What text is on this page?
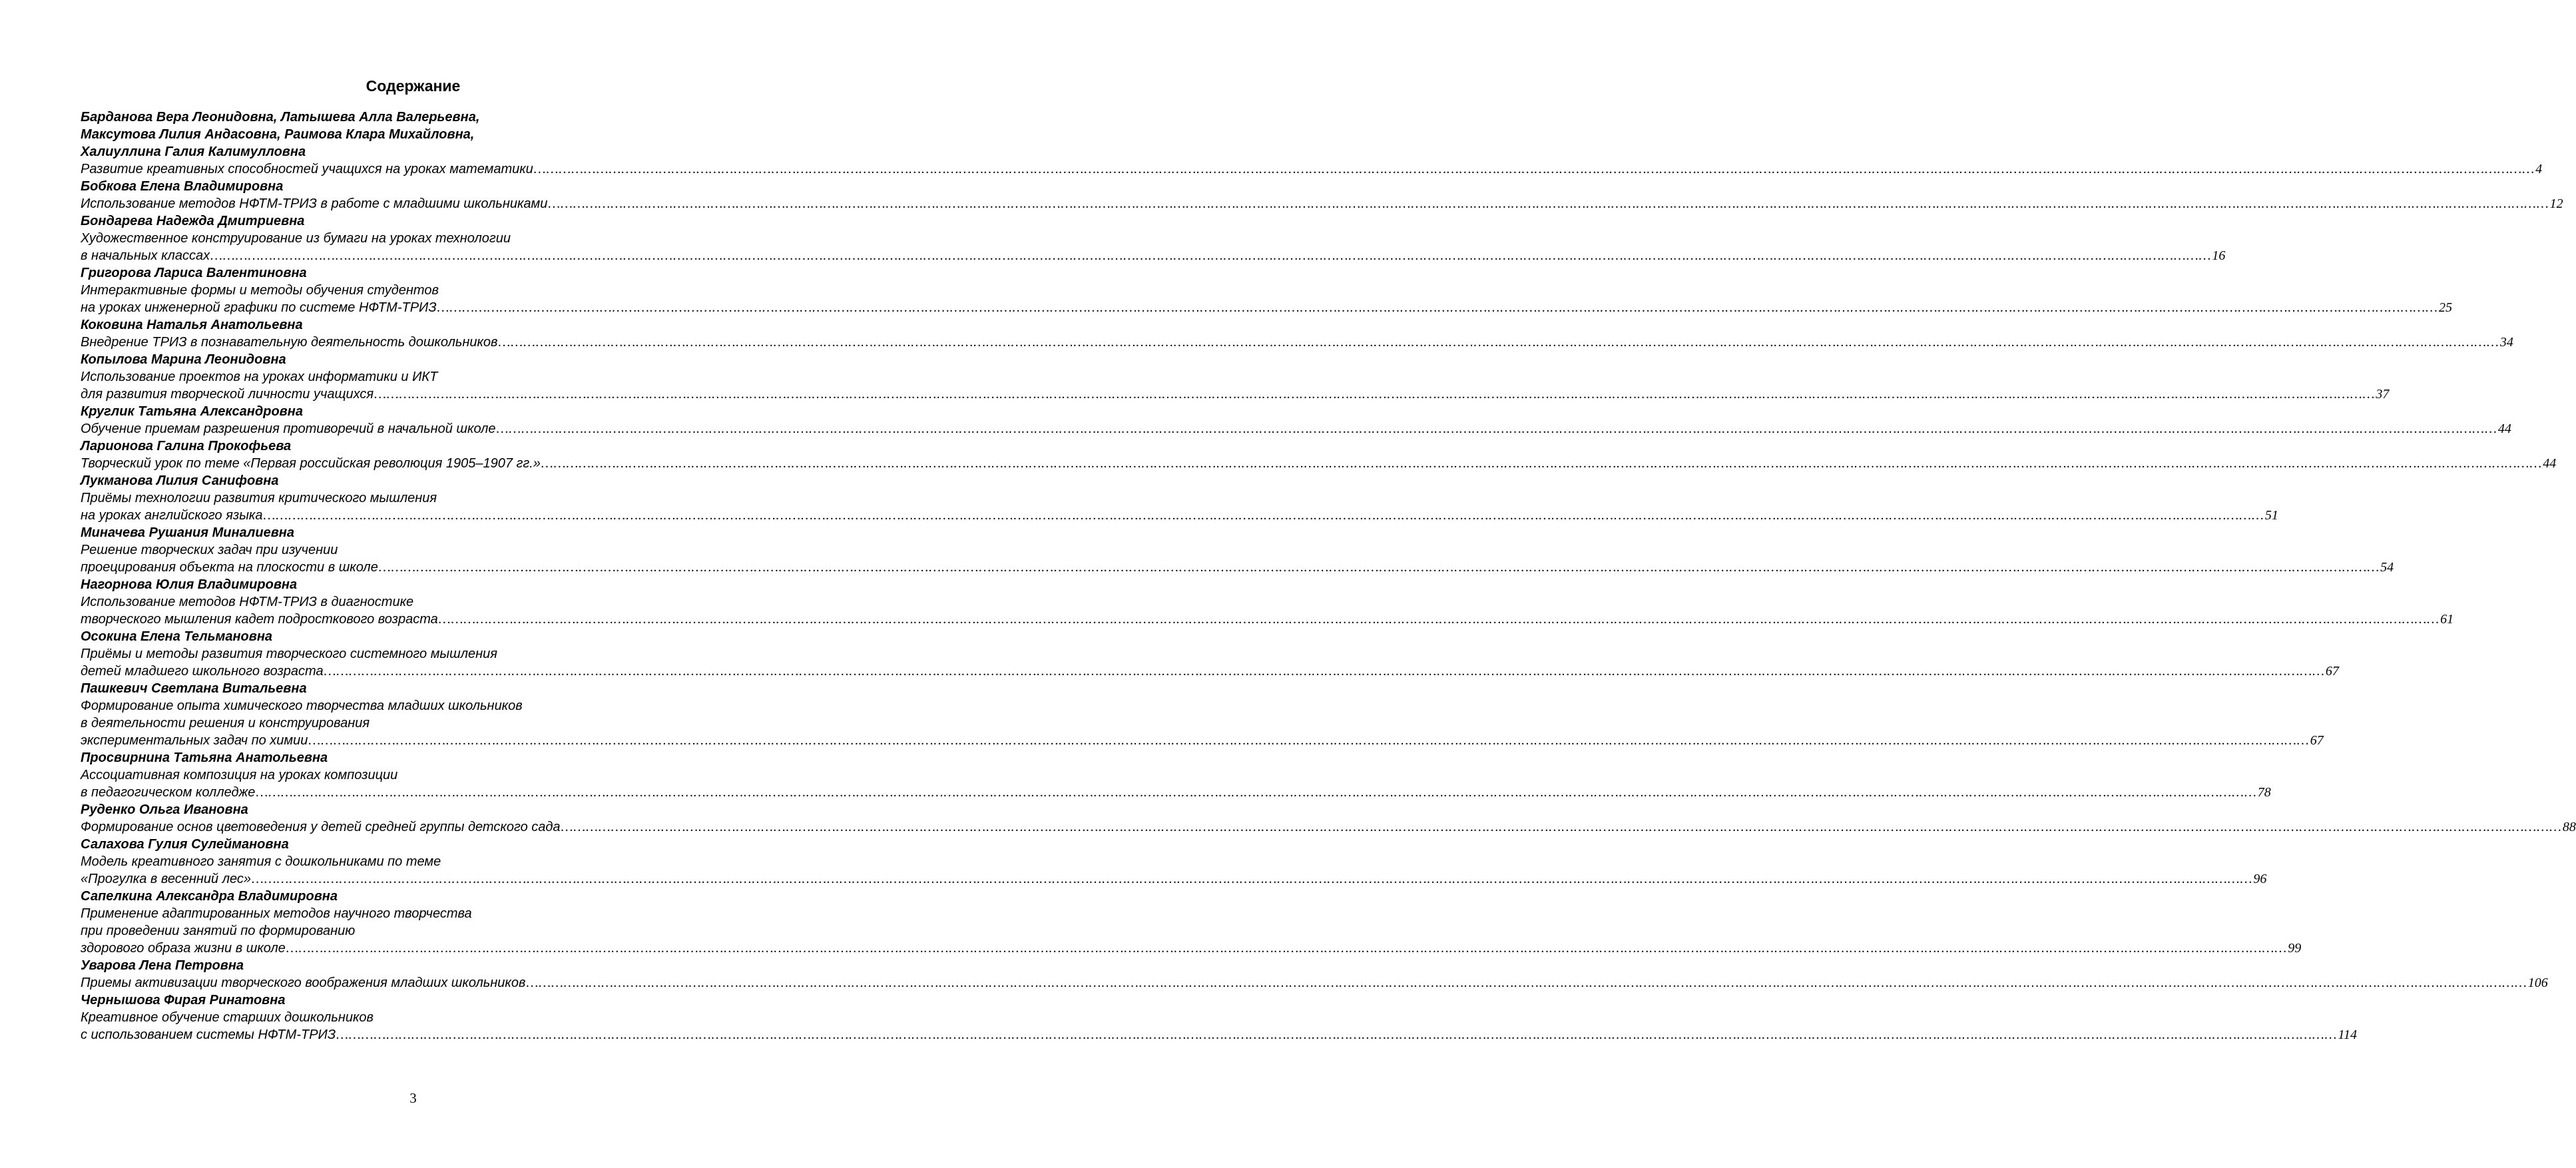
Содержание
Барданова Вера Леонидовна, Латышева Алла Валерьевна,
Максутова Лилия Андасовна, Раимова Клара Михайловна,
Халиуллина Галия Калимулловна
Развитие креативных способностей учащихся на уроках математики ………………………………………………………………………………………………………………………………………………………………………………………………………………………………………………………………………………………………………………………………………………………………………………………………………………………………………… 4
Бобкова Елена Владимировна
Использование методов НФТМ-ТРИЗ в работе с младшими школьниками ………………………………………………………………………………………………………………………………………………………………………………………………………………………………………………………………………………………………………………………………………………………………………………………………………………………………………… 12
Бондарева Надежда Дмитриевна
Художественное конструирование из бумаги на уроках технологии
в начальных классах ………………………………………………………………………………………………………………………………………………………………………………………………………………………………………………………………………………………………………………………………………………………………………………………………………………………………………… 16
Григорова Лариса Валентиновна
Интерактивные формы и методы обучения студентов
на уроках инженерной графики по системе НФТМ-ТРИЗ ………………………………………………………………………………………………………………………………………………………………………………………………………………………………………………………………………………………………………………………………………………………………………………………………………………………………………… 25
Коковина Наталья Анатольевна
Внедрение ТРИЗ в познавательную деятельность дошкольников ………………………………………………………………………………………………………………………………………………………………………………………………………………………………………………………………………………………………………………………………………………………………………………………………………………………………………… 34
Копылова Марина Леонидовна
Использование проектов на уроках информатики и ИКТ
для развития творческой личности учащихся ………………………………………………………………………………………………………………………………………………………………………………………………………………………………………………………………………………………………………………………………………………………………………………………………………………………………………… 37
Круглик Татьяна Александровна
Обучение приемам разрешения противоречий в начальной школе ………………………………………………………………………………………………………………………………………………………………………………………………………………………………………………………………………………………………………………………………………………………………………………………………………………………………………… 44
Ларионова Галина Прокофьева
Творческий урок по теме «Первая российская революция 1905–1907 гг.» ………………………………………………………………………………………………………………………………………………………………………………………………………………………………………………………………………………………………………………………………………………………………………………………………………………………………………… 44
Лукманова Лилия Санифовна
Приёмы технологии развития критического мышления
на уроках английского языка ………………………………………………………………………………………………………………………………………………………………………………………………………………………………………………………………………………………………………………………………………………………………………………………………………………………………………… 51
Миначева Рушания Миналиевна
Решение творческих задач при изучении
проецирования объекта на плоскости в школе ………………………………………………………………………………………………………………………………………………………………………………………………………………………………………………………………………………………………………………………………………………………………………………………………………………………………………… 54
Нагорнова Юлия Владимировна
Использование методов НФТМ-ТРИЗ в диагностике
творческого мышления кадет подросткового возраста ………………………………………………………………………………………………………………………………………………………………………………………………………………………………………………………………………………………………………………………………………………………………………………………………………………………………………… 61
Осокина Елена Тельмановна
Приёмы и методы развития творческого системного мышления
детей младшего школьного возраста ………………………………………………………………………………………………………………………………………………………………………………………………………………………………………………………………………………………………………………………………………………………………………………………………………………………………………… 67
Пашкевич Светлана Витальевна
Формирование опыта химического творчества младших школьников
в деятельности решения и конструирования
экспериментальных задач по химии ………………………………………………………………………………………………………………………………………………………………………………………………………………………………………………………………………………………………………………………………………………………………………………………………………………………………………… 67
Просвирнина Татьяна Анатольевна
Ассоциативная композиция на уроках композиции
в педагогическом колледже ………………………………………………………………………………………………………………………………………………………………………………………………………………………………………………………………………………………………………………………………………………………………………………………………………………………………………… 78
Руденко Ольга Ивановна
Формирование основ цветоведения у детей средней группы детского сада ………………………………………………………………………………………………………………………………………………………………………………………………………………………………………………………………………………………………………………………………………………………………………………………………………………………………………… 88
Салахова Гулия Сулеймановна
Модель креативного занятия с дошкольниками по теме
«Прогулка в весенний лес» ………………………………………………………………………………………………………………………………………………………………………………………………………………………………………………………………………………………………………………………………………………………………………………………………………………………………………… 96
Сапелкина Александра Владимировна
Применение адаптированных методов научного творчества
при проведении занятий по формированию
здорового образа жизни в школе ………………………………………………………………………………………………………………………………………………………………………………………………………………………………………………………………………………………………………………………………………………………………………………………………………………………………………… 99
Уварова Лена Петровна
Приемы активизации творческого воображения младших школьников ………………………………………………………………………………………………………………………………………………………………………………………………………………………………………………………………………………………………………………………………………………………………………………………………………………………………………… 106
Чернышова Фирая Ринатовна
Креативное обучение старших дошкольников
с использованием системы НФТМ-ТРИЗ ………………………………………………………………………………………………………………………………………………………………………………………………………………………………………………………………………………………………………………………………………………………………………………………………………………………………………… 114
3
